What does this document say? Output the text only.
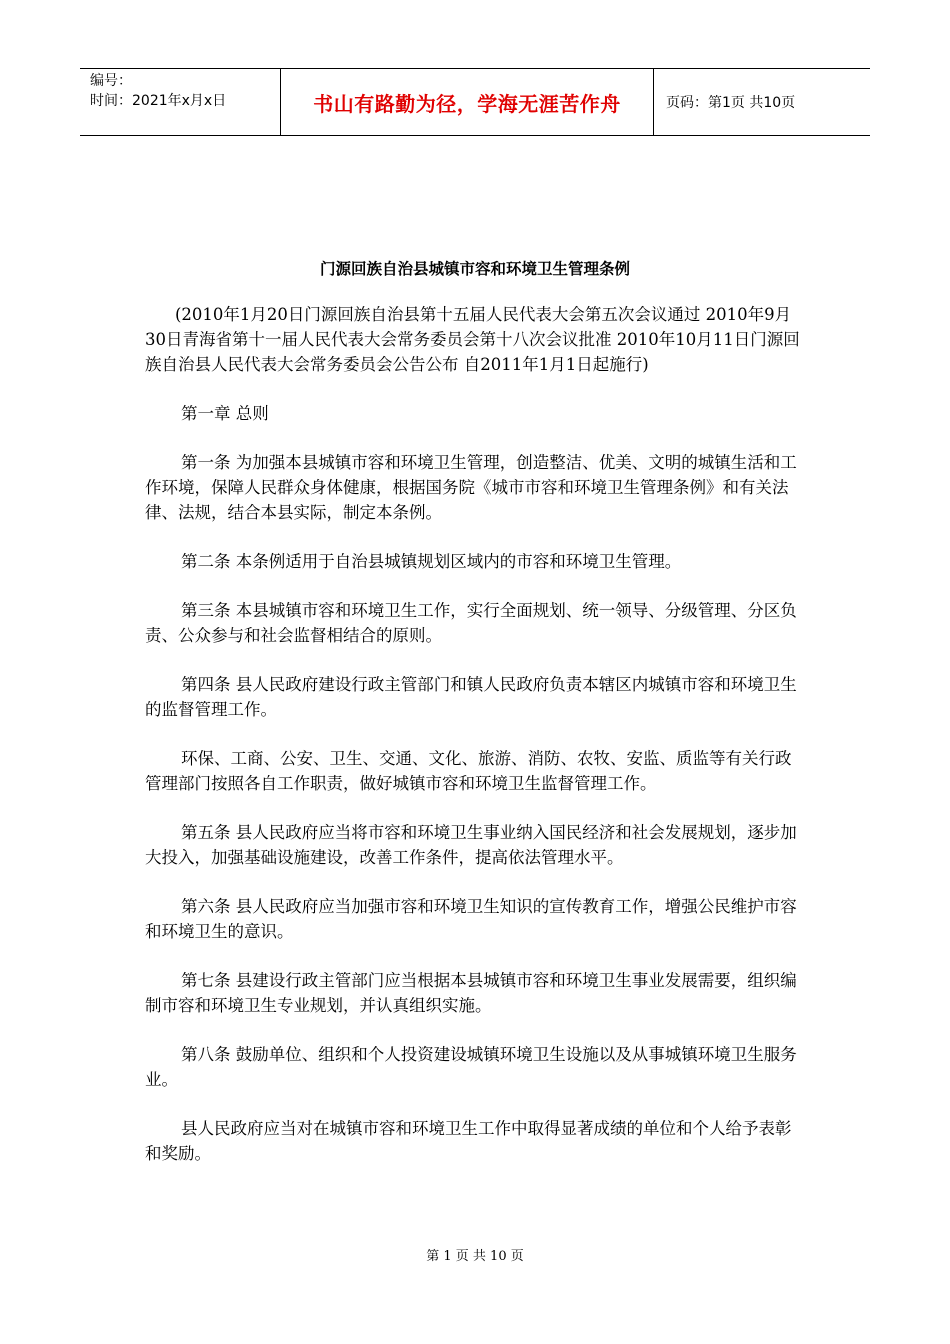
编号：
时间：2021年x月x日	书山有路勤为径，学海无涯苦作舟	页码：第1页 共10页
门源回族自治县城镇市容和环境卫生管理条例

(2010年1月20日门源回族自治县第十五届人民代表大会第五次会议通过 2010年9月30日青海省第十一届人民代表大会常务委员会第十八次会议批准 2010年10月11日门源回族自治县人民代表大会常务委员会公告公布 自2011年1月1日起施行)

第一章 总则

第一条 为加强本县城镇市容和环境卫生管理，创造整洁、优美、文明的城镇生活和工作环境，保障人民群众身体健康，根据国务院《城市市容和环境卫生管理条例》和有关法律、法规，结合本县实际，制定本条例。

第二条 本条例适用于自治县城镇规划区域内的市容和环境卫生管理。

第三条 本县城镇市容和环境卫生工作，实行全面规划、统一领导、分级管理、分区负责、公众参与和社会监督相结合的原则。

第四条 县人民政府建设行政主管部门和镇人民政府负责本辖区内城镇市容和环境卫生的监督管理工作。

环保、工商、公安、卫生、交通、文化、旅游、消防、农牧、安监、质监等有关行政管理部门按照各自工作职责，做好城镇市容和环境卫生监督管理工作。

第五条 县人民政府应当将市容和环境卫生事业纳入国民经济和社会发展规划，逐步加大投入，加强基础设施建设，改善工作条件，提高依法管理水平。

第六条 县人民政府应当加强市容和环境卫生知识的宣传教育工作，增强公民维护市容和环境卫生的意识。

第七条 县建设行政主管部门应当根据本县城镇市容和环境卫生事业发展需要，组织编制市容和环境卫生专业规划，并认真组织实施。

第八条 鼓励单位、组织和个人投资建设城镇环境卫生设施以及从事城镇环境卫生服务业。

县人民政府应当对在城镇市容和环境卫生工作中取得显著成绩的单位和个人给予表彰和奖励。

第 1 页 共 10 页
